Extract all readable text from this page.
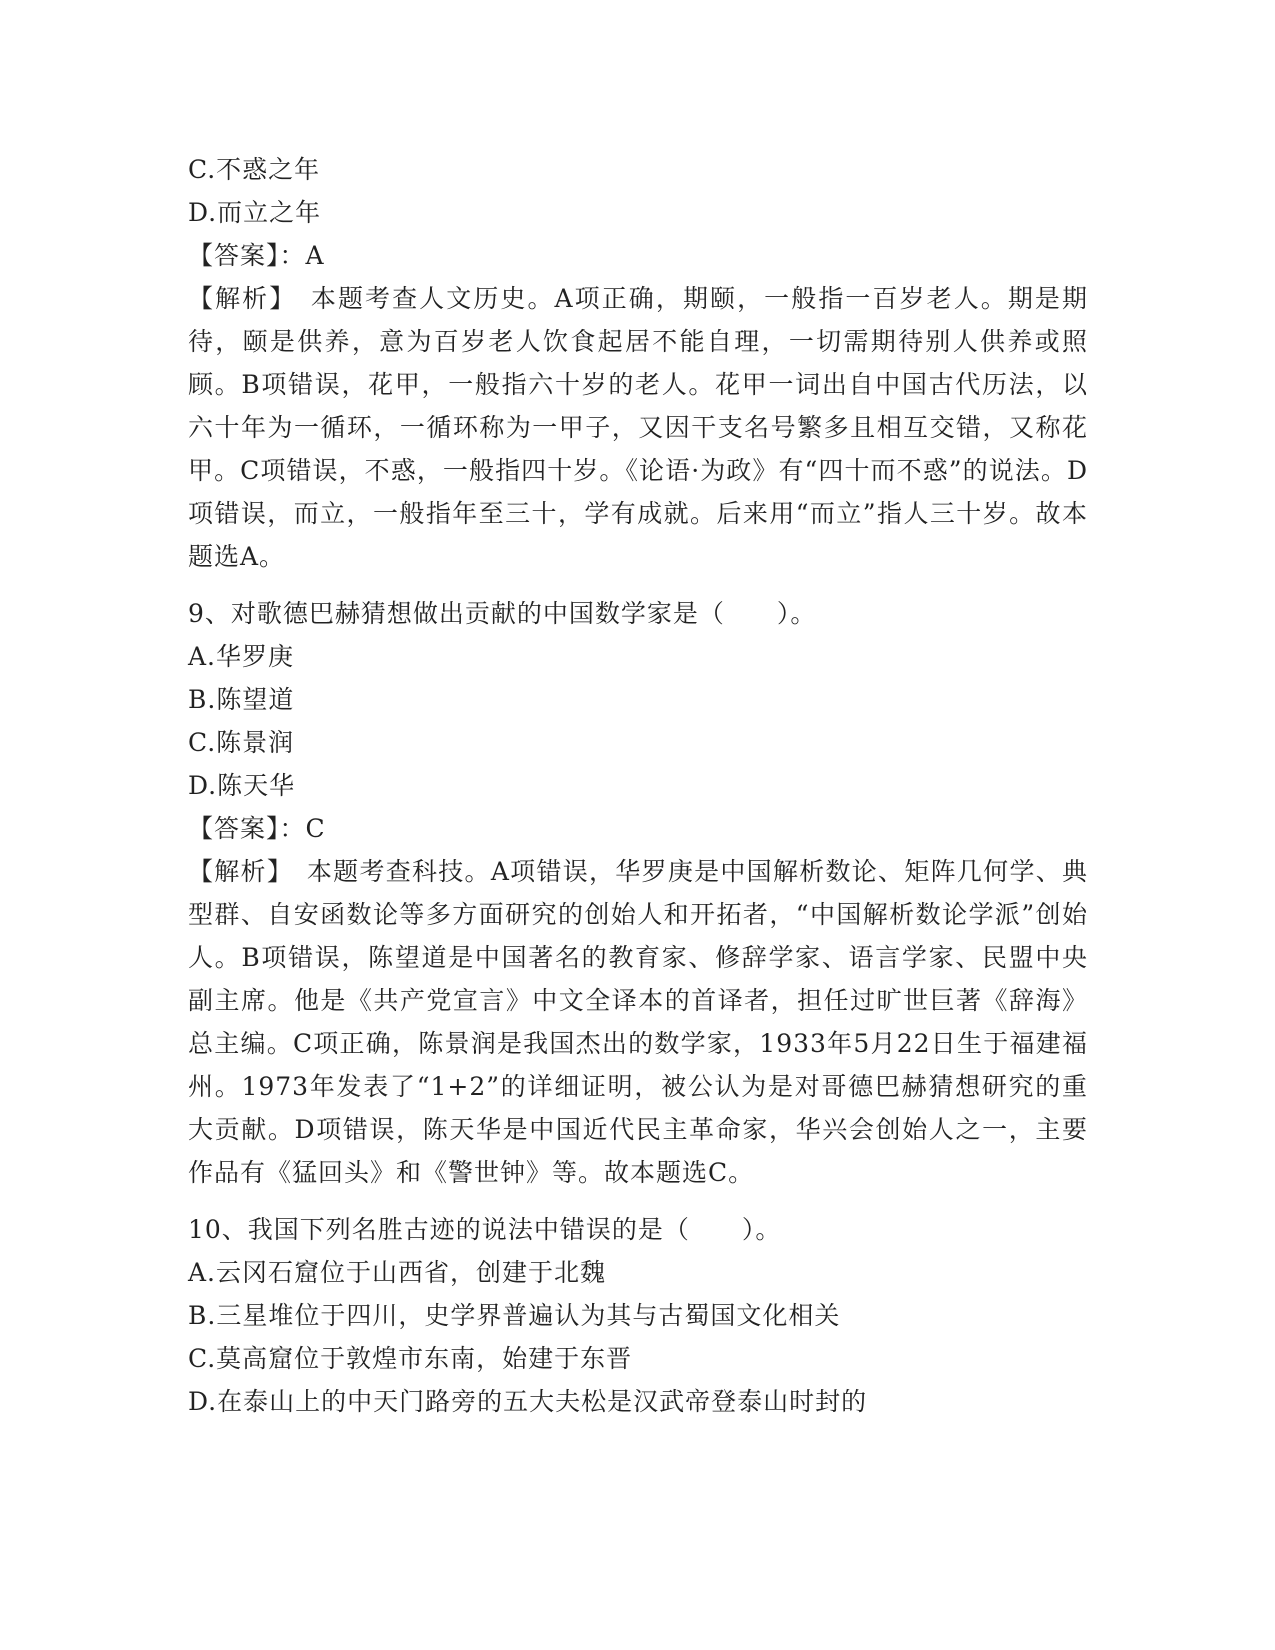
C.不惑之年
D.而立之年
【答案】：A
【解析】　本题考查人文历史。A项正确，期颐，一般指一百岁老人。期是期待，颐是供养，意为百岁老人饮食起居不能自理，一切需期待别人供养或照顾。B项错误，花甲，一般指六十岁的老人。花甲一词出自中国古代历法，以六十年为一循环，一循环称为一甲子，又因干支名号繁多且相互交错，又称花甲。C项错误，不惑，一般指四十岁。《论语·为政》有“四十而不惑”的说法。D项错误，而立，一般指年至三十，学有成就。后来用“而立”指人三十岁。故本题选A。
9、对歌德巴赫猜想做出贡献的中国数学家是（　　）。
A.华罗庚
B.陈望道
C.陈景润
D.陈天华
【答案】：C
【解析】　本题考查科技。A项错误，华罗庚是中国解析数论、矩阵几何学、典型群、自安函数论等多方面研究的创始人和开拓者，“中国解析数论学派”创始人。B项错误，陈望道是中国著名的教育家、修辞学家、语言学家、民盟中央副主席。他是《共产党宣言》中文全译本的首译者，担任过旷世巨著《辞海》总主编。C项正确，陈景润是我国杰出的数学家，1933年5月22日生于福建福州。1973年发表了“1+2”的详细证明，被公认为是对哥德巴赫猜想研究的重大贡献。D项错误，陈天华是中国近代民主革命家，华兴会创始人之一，主要作品有《猛回头》和《警世钟》等。故本题选C。
10、我国下列名胜古迹的说法中错误的是（　　）。
A.云冈石窟位于山西省，创建于北魏
B.三星堆位于四川，史学界普遍认为其与古蜀国文化相关
C.莫高窟位于敦煌市东南，始建于东晋
D.在泰山上的中天门路旁的五大夫松是汉武帝登泰山时封的
